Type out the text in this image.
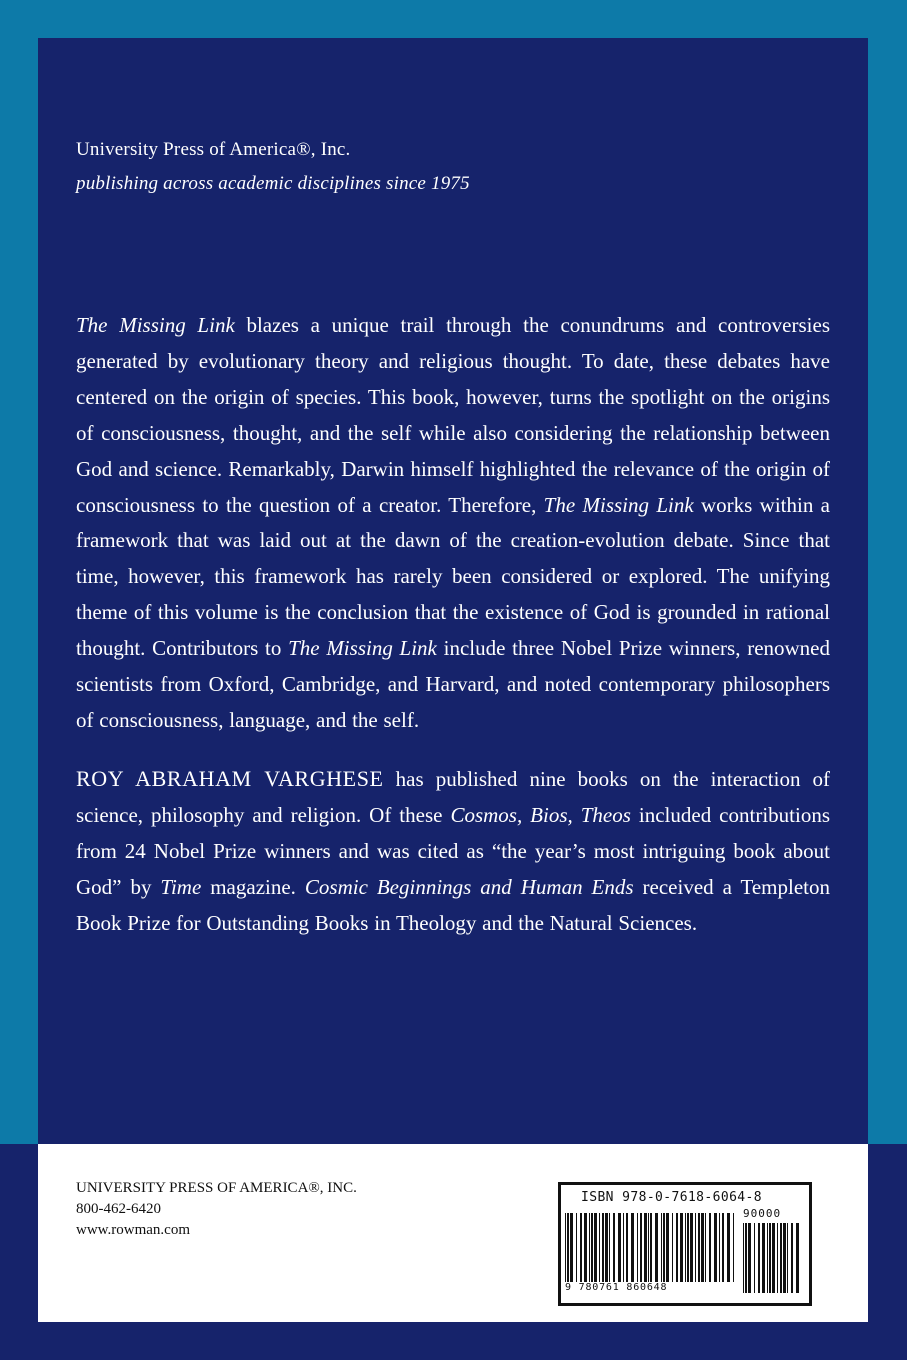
University Press of America®, Inc.
publishing across academic disciplines since 1975

The Missing Link blazes a unique trail through the conundrums and controversies generated by evolutionary theory and religious thought. To date, these debates have centered on the origin of species. This book, however, turns the spotlight on the origins of consciousness, thought, and the self while also considering the relationship between God and science. Remarkably, Darwin himself highlighted the relevance of the origin of consciousness to the question of a creator. Therefore, The Missing Link works within a framework that was laid out at the dawn of the creation-evolution debate. Since that time, however, this framework has rarely been considered or explored. The unifying theme of this volume is the conclusion that the existence of God is grounded in rational thought. Contributors to The Missing Link include three Nobel Prize winners, renowned scientists from Oxford, Cambridge, and Harvard, and noted contemporary philosophers of consciousness, language, and the self.

ROY ABRAHAM VARGHESE has published nine books on the interaction of science, philosophy and religion. Of these Cosmos, Bios, Theos included contributions from 24 Nobel Prize winners and was cited as “the year’s most intriguing book about God” by Time magazine. Cosmic Beginnings and Human Ends received a Templeton Book Prize for Outstanding Books in Theology and the Natural Sciences.

UNIVERSITY PRESS OF AMERICA®, INC.
800-462-6420
www.rowman.com
ISBN 978-0-7618-6064-8
90000
9 780761 860648
